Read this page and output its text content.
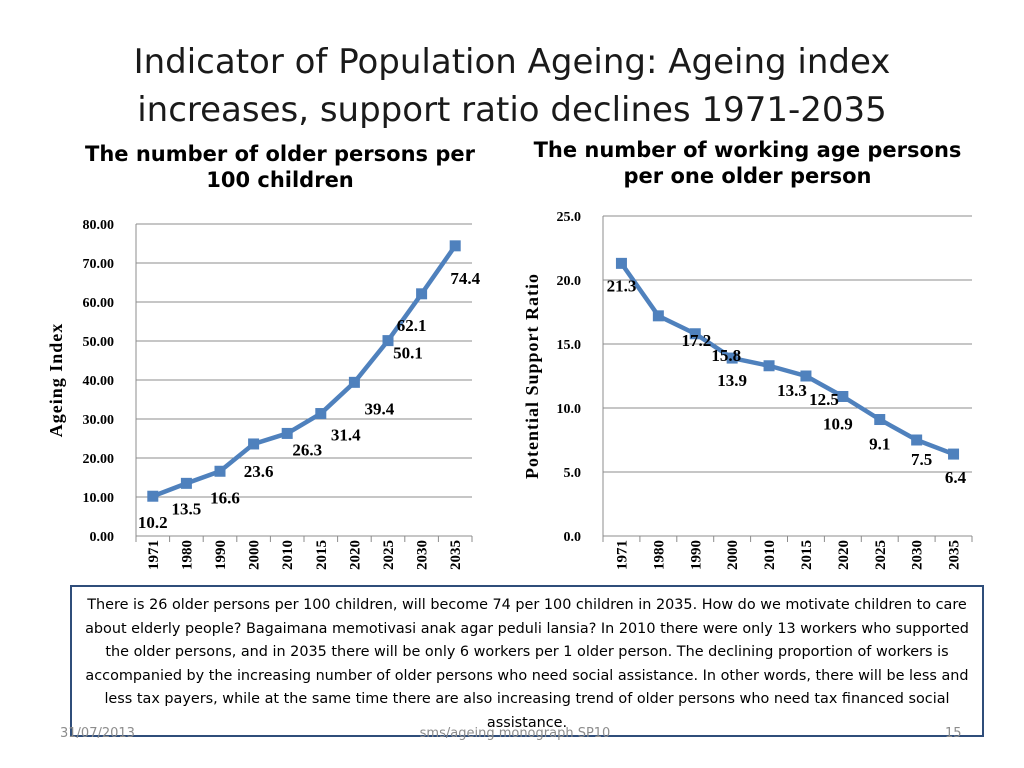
Indicator of Population Ageing: Ageing index
increases, support ratio declines 1971-2035
The number of older persons per 100 children
The number of working age persons per one older person
0.00
10.00
20.00
30.00
40.00
50.00
60.00
70.00
80.00
1971 1980 1990 2000 2010 2015 2020 2025 2030 2035
Ageing Index
10.2
13.5
16.6
23.6
26.3
31.4
39.4
50.1
62.1
74.4
0.0
5.0
10.0
15.0
20.0
25.0
1971 1980 1990 2000 2010 2015 2020 2025 2030 2035
Potential Support Ratio	21.3
17.2
15.8
13.9
13.3 12.5
10.9
9.1
7.5
6.4
There is 26 older persons per 100 children, will become 74 per 100 children in 2035. How do we motivate children to care about elderly people? Bagaimana memotivasi anak agar peduli lansia? In 2010 there were only 13 workers who supported the older persons, and in 2035 there will be only 6 workers per 1 older person. The declining proportion of workers is accompanied by the increasing number of older persons who need social assistance. In other words, there will be less and less tax payers, while at the same time there are also increasing trend of older persons who need tax financed social assistance.
31/07/2013	sms/ageing monograph SP10	15
